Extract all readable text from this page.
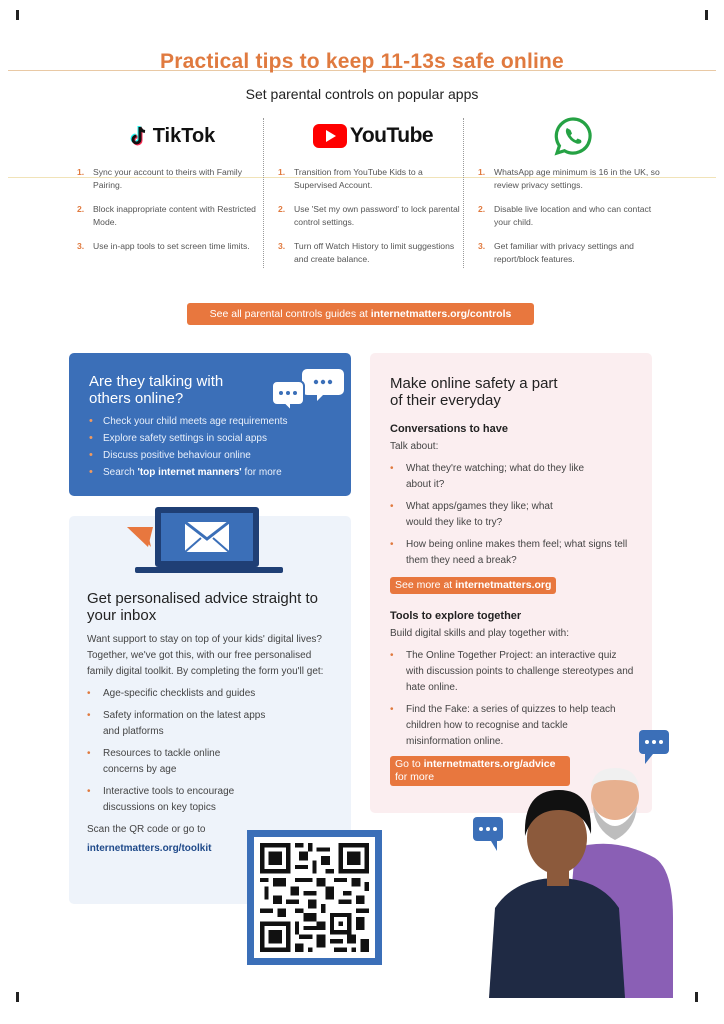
Practical tips to keep 11-13s safe online
Set parental controls on popular apps
TikTok
1.	Sync your account to theirs with Family Pairing.
2.	Block inappropriate content with Restricted Mode.
3.	Use in-app tools to set screen time limits.
YouTube
1.	Transition from YouTube Kids to a Supervised Account.
2.	Use 'Set my own password' to lock parental control settings.
3.	Turn off Watch History to limit suggestions and create balance.
1.	WhatsApp age minimum is 16 in the UK, so review privacy settings.
2.	Disable live location and who can contact your child.
3.	Get familiar with privacy settings and report/block features.
See all parental controls guides at internetmatters.org/controls
Are they talking with others online?
•	Check your child meets age requirements
•	Explore safety settings in social apps
•	Discuss positive behaviour online
•	Search 'top internet manners' for more
Get personalised advice straight to your inbox

Want support to stay on top of your kids' digital lives? Together, we've got this, with our free personalised family digital toolkit. By completing the form you'll get:

•	Age-specific checklists and guides
•	Safety information on the latest apps and platforms
•	Resources to tackle online concerns by age
•	Interactive tools to encourage discussions on key topics
Scan the QR code or go to
internetmatters.org/toolkit
Make online safety a part of their everyday
Conversations to have

Talk about:

•	What they're watching; what do they like about it?
•	What apps/games they like; what would they like to try?
•	How being online makes them feel; what signs tell them they need a break?
See more at internetmatters.org
Tools to explore together

Build digital skills and play together with:

•	The Online Together Project: an interactive quiz with discussion points to challenge stereotypes and hate online.
•	Find the Fake: a series of quizzes to help teach children how to recognise and tackle misinformation online.
Go to internetmatters.org/advice
for more
